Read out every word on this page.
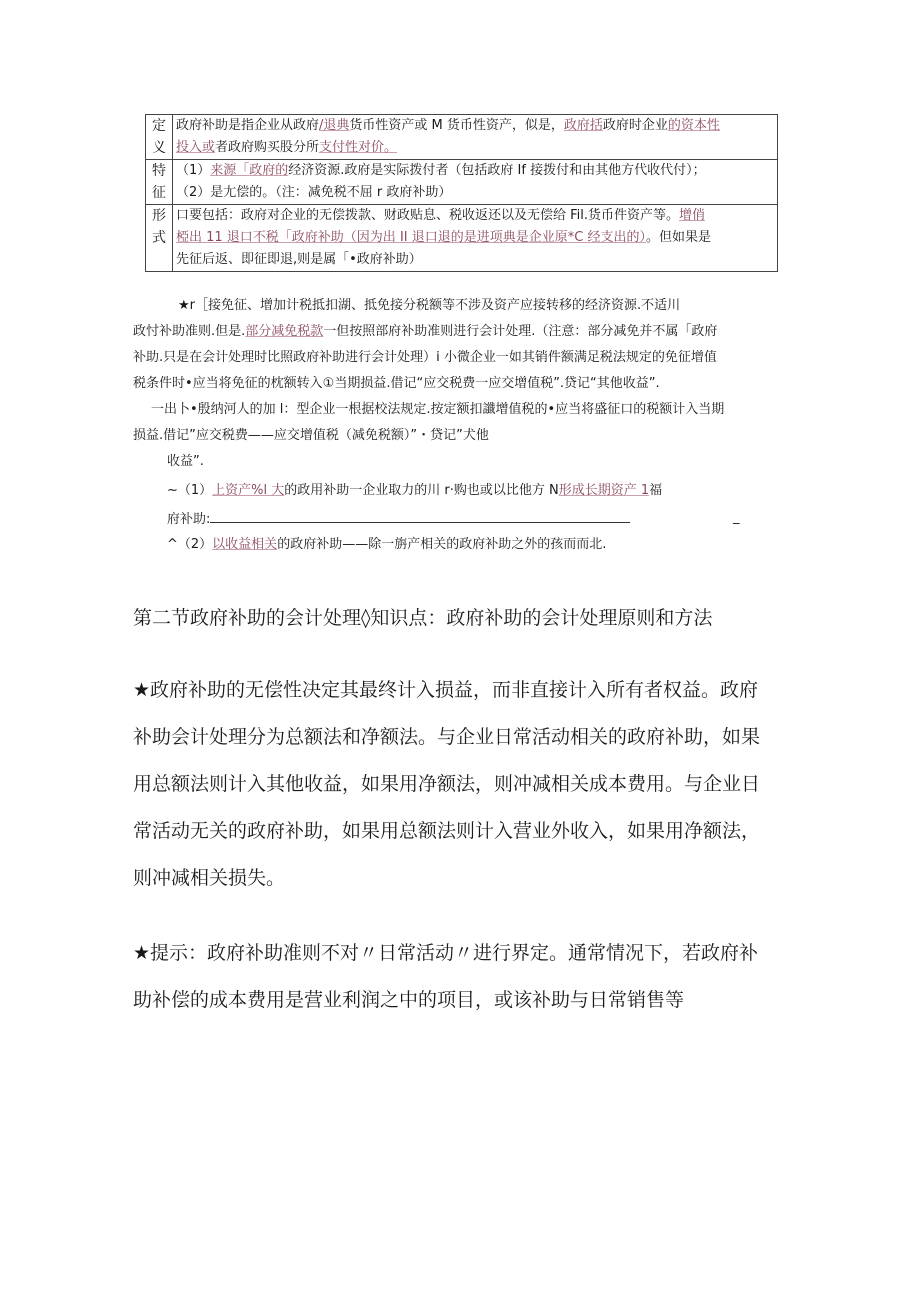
定
义	政府补助是指企业从政府/退典货币性资产或 M 货币性资产，似是，政府括政府时企业的资本性
投入或者政府购买股分所支付性对价。
特
征	（1）来源「政府的经济资源.政府是实际拨付者（包括政府 If 接拨付和由其他方代收代付）；
（2）是尢偿的。（注：减免税不屈 r 政府补助）
形
式	口要包括：政府对企业的无偿拨款、财政贴息、税收返还以及无偿给 Fil.货币件资产等。增俏
椏出 11 退口不税「政府补助（因为出 II 退口退的是进项典是企业原*C 经支出的）。但如果是
先征后返、即征即退,则是属「•政府补助）
★r［接免征、增加计税抵扣湖、抵免接分税额等不涉及资产应接转移的经济资源.不适川
政忖补助准则.但是.部分减免税款一但按照部府补助准则进行会计处理.（注意：部分减免并不属「政府
补助.只是在会计处理时比照政府补助进行会计处理）i 小微企业一如其销件额满足税法规定的免征增值
税条件时•应当将免征的枕额转入①当期损益.借记“应交税费一应交增值税”.贷记“其他收益”.
一出卜•殷纳河人的加 l：型企业一根据校法规定.按定额扣讖增值税的•应当将盛征口的税额计入当期
损益.借记”应交税费——应交增值税（减免税额）”・贷记”犬他
收益”.
~（1）上资产%l 大的政用补助一企业取力的川 r·购也或以比他方 N形成长期资产 1福
府补助:	_
^（2）以收益相关的政府补助——除一旃产相关的政府补助之外的孩而而北.
第二节政府补助的会计处理◊知识点：政府补助的会计处理原则和方法
★政府补助的无偿性决定其最终计入损益，而非直接计入所有者权益。政府
补助会计处理分为总额法和净额法。与企业日常活动相关的政府补助，如果
用总额法则计入其他收益，如果用净额法，则冲减相关成本费用。与企业日
常活动无关的政府补助，如果用总额法则计入营业外收入，如果用净额法，
则冲减相关损失。
★提示：政府补助准则不对〃日常活动〃进行界定。通常情况下，若政府补
助补偿的成本费用是营业利润之中的项目，或该补助与日常销售等
